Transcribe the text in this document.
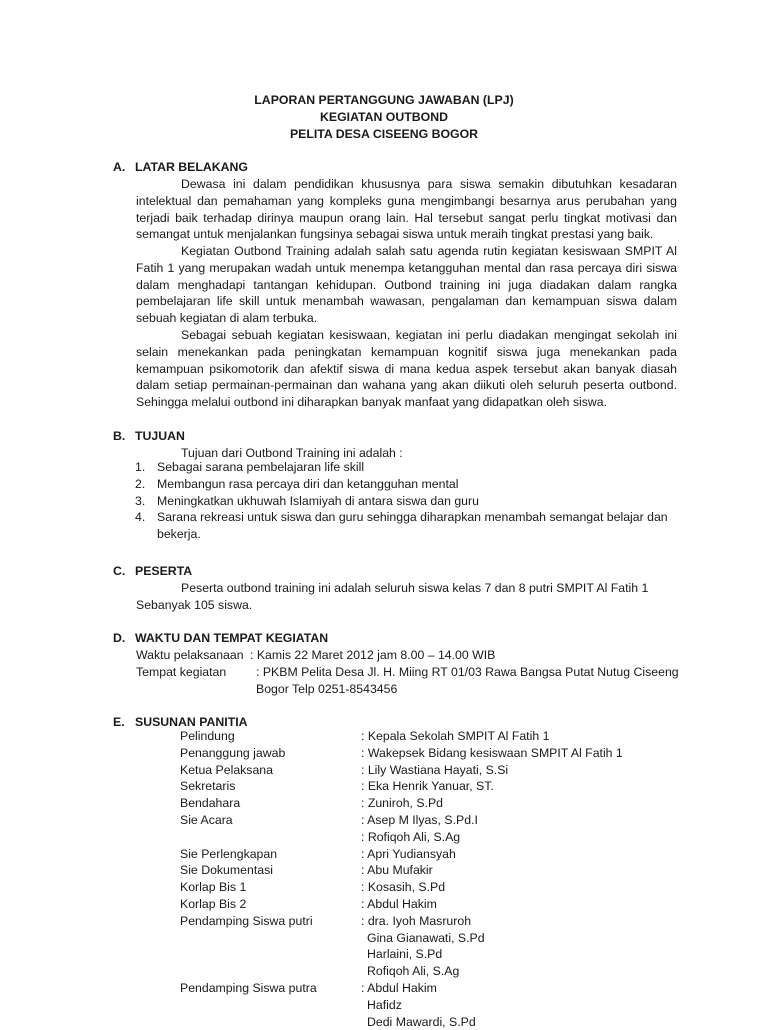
LAPORAN PERTANGGUNG JAWABAN (LPJ)
KEGIATAN OUTBOND
PELITA DESA CISEENG BOGOR
A. LATAR BELAKANG
Dewasa ini dalam pendidikan khususnya para siswa semakin dibutuhkan kesadaran intelektual dan pemahaman yang kompleks guna mengimbangi besarnya arus perubahan yang terjadi baik terhadap dirinya maupun orang lain. Hal tersebut sangat perlu tingkat motivasi dan semangat untuk menjalankan fungsinya sebagai siswa untuk meraih tingkat prestasi yang baik.
Kegiatan Outbond Training adalah salah satu agenda rutin kegiatan kesiswaan SMPIT Al Fatih 1 yang merupakan wadah untuk menempa ketangguhan mental dan rasa percaya diri siswa dalam menghadapi tantangan kehidupan. Outbond training ini juga diadakan dalam rangka pembelajaran life skill untuk menambah wawasan, pengalaman dan kemampuan siswa dalam sebuah kegiatan di alam terbuka.
Sebagai sebuah kegiatan kesiswaan, kegiatan ini perlu diadakan mengingat sekolah ini selain menekankan pada peningkatan kemampuan kognitif siswa juga menekankan pada kemampuan psikomotorik dan afektif siswa di mana kedua aspek tersebut akan banyak diasah dalam setiap permainan-permainan dan wahana yang akan diikuti oleh seluruh peserta outbond. Sehingga melalui outbond ini diharapkan banyak manfaat yang didapatkan oleh siswa.
B. TUJUAN
Tujuan dari Outbond Training ini adalah :
1. Sebagai sarana pembelajaran life skill
2. Membangun rasa percaya diri dan ketangguhan mental
3. Meningkatkan ukhuwah Islamiyah di antara siswa dan guru
4. Sarana rekreasi untuk siswa dan guru sehingga diharapkan menambah semangat belajar dan bekerja.
C. PESERTA
Peserta outbond training ini adalah seluruh siswa kelas 7 dan 8 putri SMPIT Al Fatih 1
Sebanyak 105 siswa.
D. WAKTU DAN TEMPAT KEGIATAN
Waktu pelaksanaan : Kamis 22 Maret 2012 jam 8.00 – 14.00 WIB
Tempat kegiatan : PKBM Pelita Desa Jl. H. Miing RT 01/03 Rawa Bangsa Putat Nutug Ciseeng
Bogor Telp 0251-8543456
E. SUSUNAN PANITIA
Pelindung	: Kepala Sekolah SMPIT Al Fatih 1
Penanggung jawab	: Wakepsek Bidang kesiswaan SMPIT Al Fatih 1
Ketua Pelaksana	: Lily Wastiana Hayati, S.Si
Sekretaris	: Eka Henrik Yanuar, ST.
Bendahara	: Zuniroh, S.Pd
Sie Acara	: Asep M Ilyas, S.Pd.I
: Rofiqoh Ali, S.Ag
Sie Perlengkapan	: Apri Yudiansyah
Sie Dokumentasi	: Abu Mufakir
Korlap Bis 1	: Kosasih, S.Pd
Korlap Bis 2	: Abdul Hakim
Pendamping Siswa putri	: dra. Iyoh Masruroh
Gina Gianawati, S.Pd
Harlaini, S.Pd
Rofiqoh Ali, S.Ag
Pendamping Siswa putra	: Abdul Hakim
Hafidz
Dedi Mawardi, S.Pd
